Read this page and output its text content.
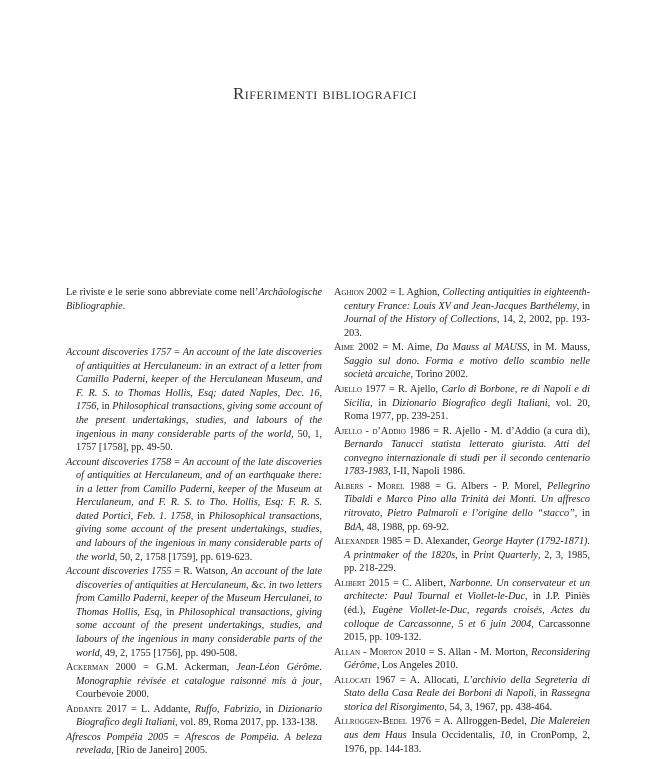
Riferimenti bibliografici

Le riviste e le serie sono abbreviate come nell’Archäologische Bibliographie.

Account discoveries 1757 = An account of the late discoveries of antiquities at Herculaneum: in an extract of a letter from Camillo Paderni, keeper of the Herculanean Museum, and F. R. S. to Thomas Hollis, Esq; dated Naples, Dec. 16, 1756, in Philosophical transactions, giving some account of the present undertakings, studies, and labours of the ingenious in many considerable parts of the world, 50, 1, 1757 [1758], pp. 49-50.

Account discoveries 1758 = An account of the late discoveries of antiquities at Herculaneum, and of an earthquake there: in a letter from Camillo Paderni, keeper of the Museum at Herculaneum, and F. R. S. to Tho. Hollis, Esq: F. R. S. dated Portici, Feb. 1. 1758, in Philosophical transactions, giving some account of the present undertakings, studies, and labours of the ingenious in many considerable parts of the world, 50, 2, 1758 [1759], pp. 619-623.

Account discoveries 1755 = R. Watson, An account of the late discoveries of antiquities at Herculaneum, &c. in two letters from Camillo Paderni, keeper of the Museum Herculanei, to Thomas Hollis, Esq, in Philosophical transactions, giving some account of the present undertakings, studies, and labours of the ingenious in many considerable parts of the world, 49, 2, 1755 [1756], pp. 490-508.

Ackerman 2000 = G.M. Ackerman, Jean-Léon Gérôme. Monographie révisée et catalogue raisonné mis à jour, Courbevoie 2000.

Addante 2017 = L. Addante, Ruffo, Fabrizio, in Dizionario Biografico degli Italiani, vol. 89, Roma 2017, pp. 133-138.

Afrescos Pompéia 2005 = Afrescos de Pompéia. A beleza revelada, [Rio de Janeiro] 2005.

Aghion 2002 = I. Aghion, Collecting antiquities in eighteenth-century France: Louis XV and Jean-Jacques Barthélemy, in Journal of the History of Collections, 14, 2, 2002, pp. 193-203.

Aime 2002 = M. Aime, Da Mauss al MAUSS, in M. Mauss, Saggio sul dono. Forma e motivo dello scambio nelle società arcaiche, Torino 2002.

Ajello 1977 = R. Ajello, Carlo di Borbone, re di Napoli e di Sicilia, in Dizionario Biografico degli Italiani, vol. 20, Roma 1977, pp. 239-251.

Ajello - d’Addio 1986 = R. Ajello - M. d’Addio (a cura di), Bernardo Tanucci statista letterato giurista. Atti del convegno internazionale di studi per il secondo centenario 1783-1983, I-II, Napoli 1986.

Albers - Morel 1988 = G. Albers - P. Morel, Pellegrino Tibaldi e Marco Pino alla Trinità dei Monti. Un affresco ritrovato, Pietro Palmaroli e l’origine dello “stacco”, in BdA, 48, 1988, pp. 69-92.

Alexander 1985 = D. Alexander, George Hayter (1792-1871). A printmaker of the 1820s, in Print Quarterly, 2, 3, 1985, pp. 218-229.

Alibert 2015 = C. Alibert, Narbonne. Un conservateur et un architecte: Paul Tournal et Viollet-le-Duc, in J.P. Piniès (éd.), Eugène Viollet-le-Duc, regards croisés, Actes du colloque de Carcassonne, 5 et 6 juin 2004, Carcassonne 2015, pp. 109-132.

Allan - Morton 2010 = S. Allan - M. Morton, Reconsidering Gérôme, Los Angeles 2010.

Allocati 1967 = A. Allocati, L’archivio della Segreteria di Stato della Casa Reale dei Borboni di Napoli, in Rassegna storica del Risorgimento, 54, 3, 1967, pp. 438-464.

Allroggen-Bedel 1976 = A. Allroggen-Bedel, Die Malereien aus dem Haus Insula Occidentalis, 10, in CronPomp, 2, 1976, pp. 144-183.
